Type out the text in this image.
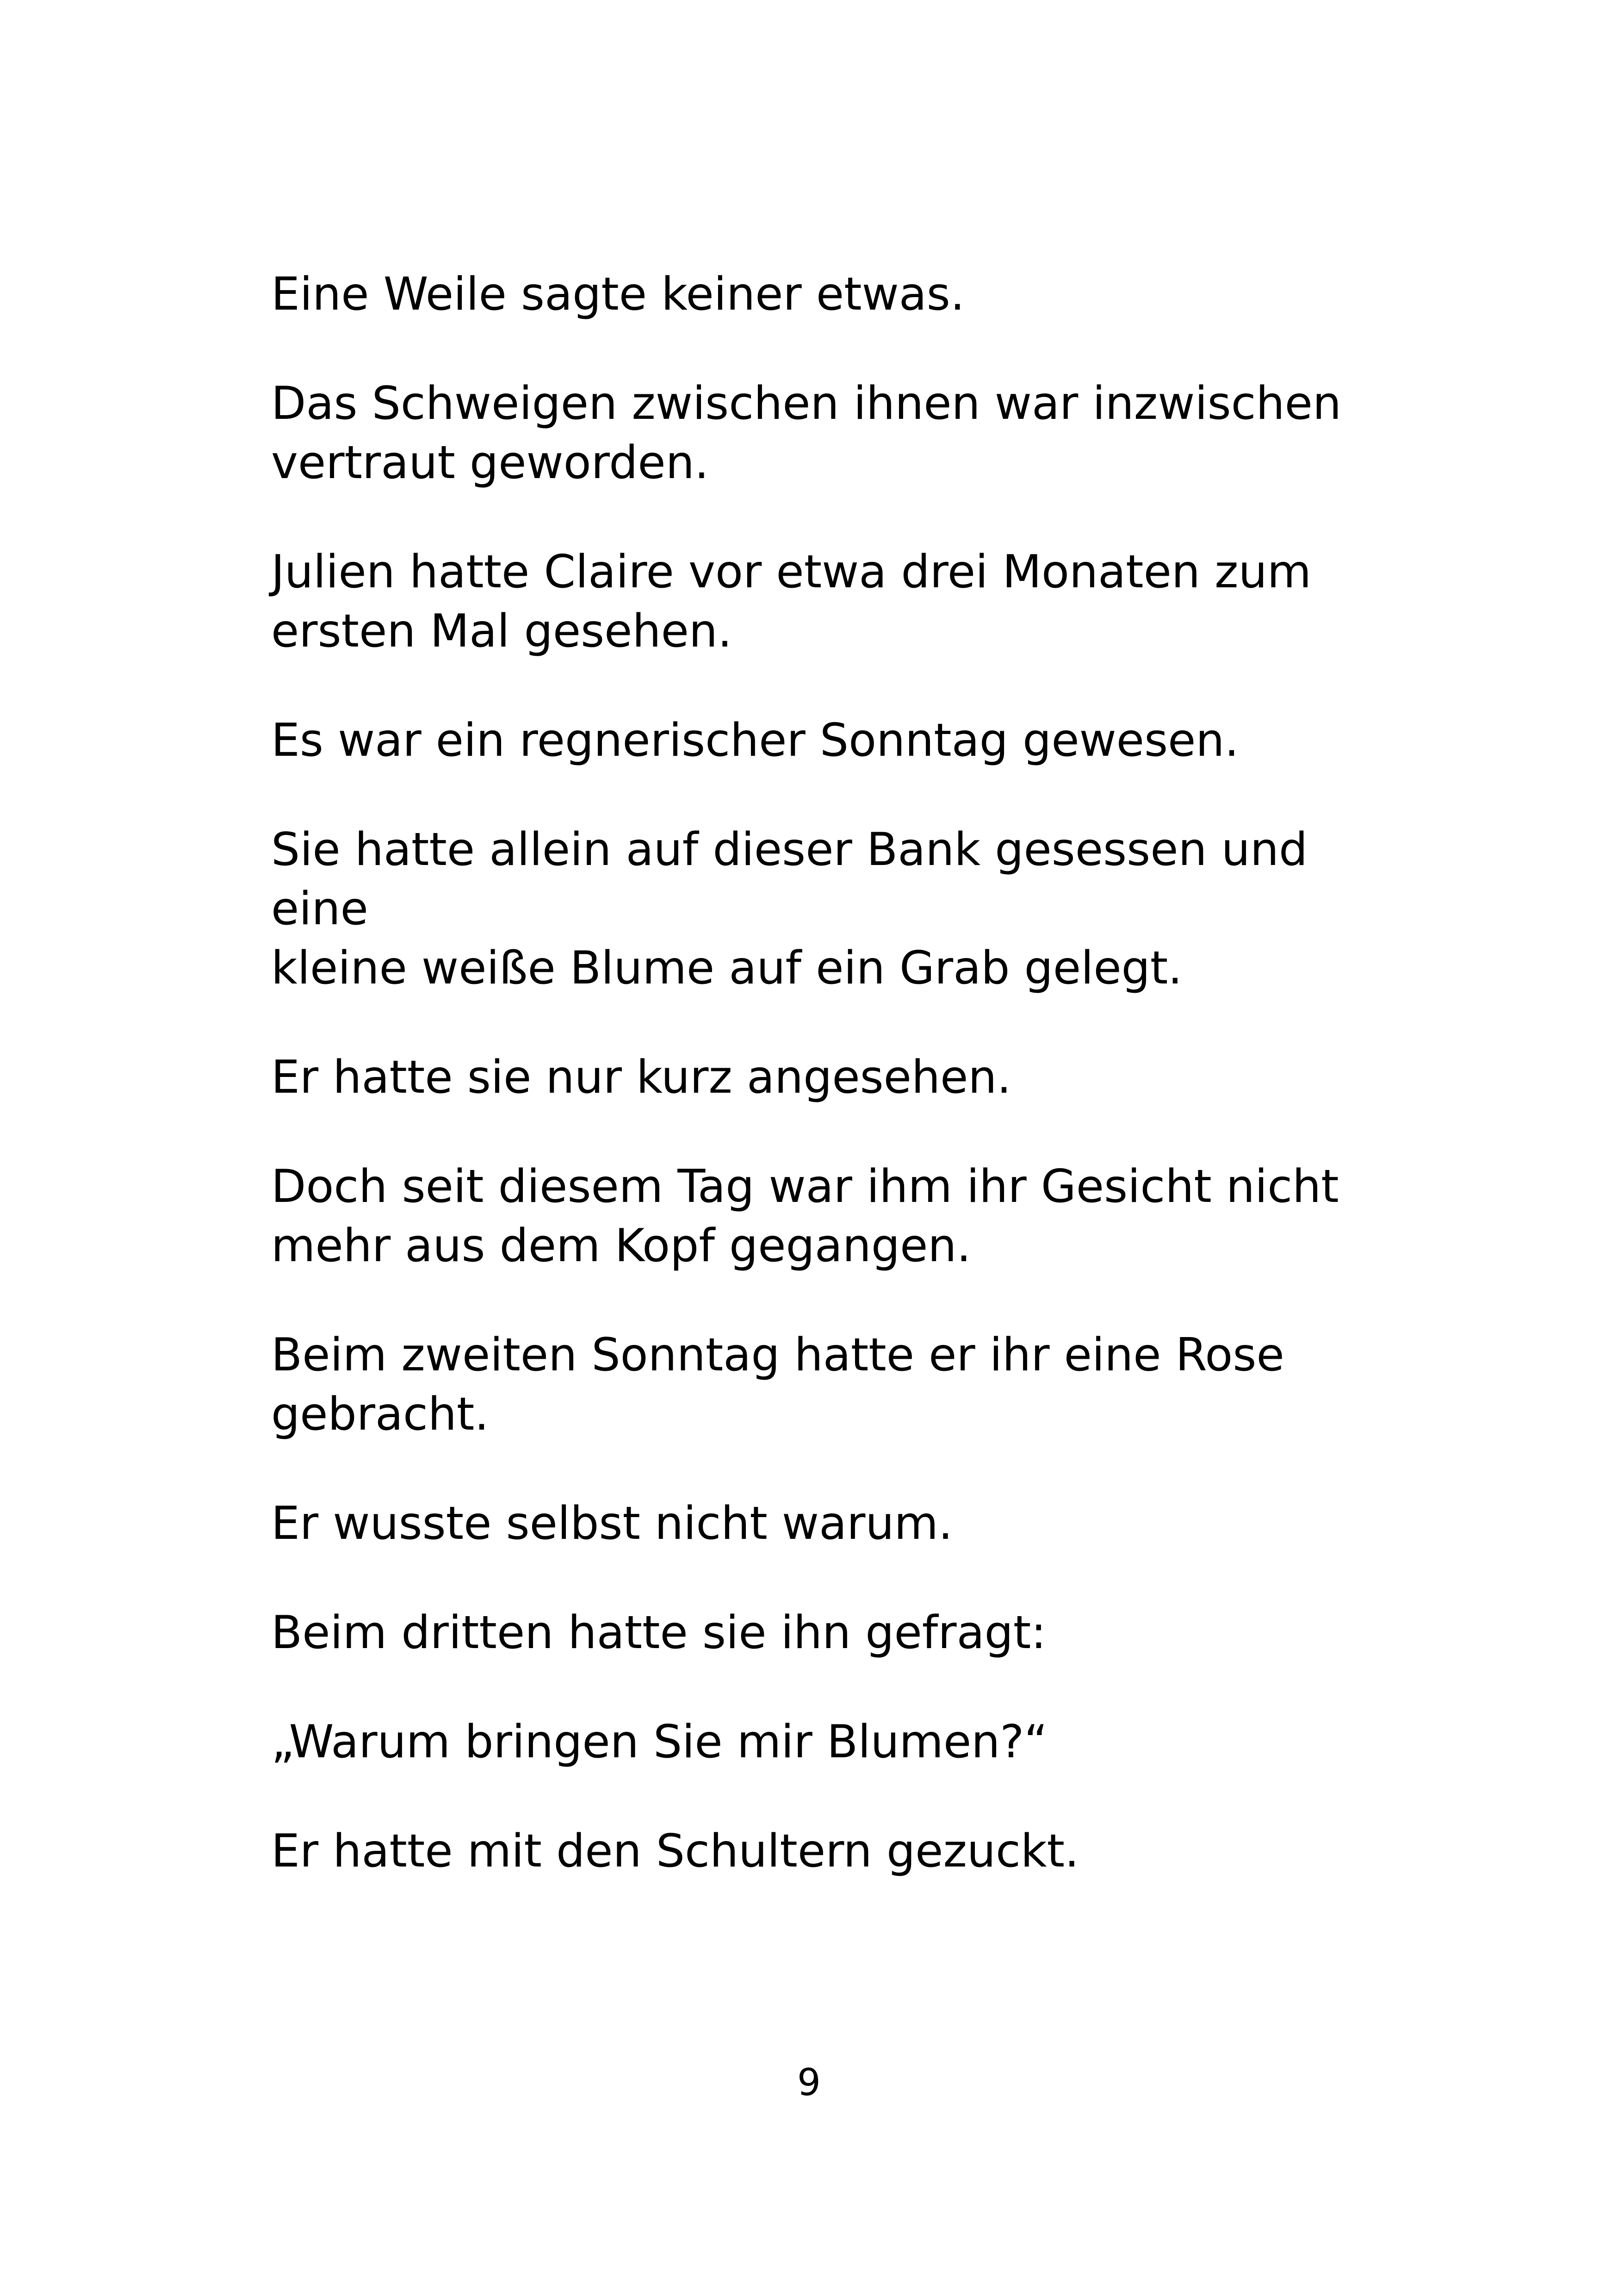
Eine Weile sagte keiner etwas.

Das Schweigen zwischen ihnen war inzwischen
vertraut geworden.

Julien hatte Claire vor etwa drei Monaten zum
ersten Mal gesehen.

Es war ein regnerischer Sonntag gewesen.

Sie hatte allein auf dieser Bank gesessen und eine
kleine weiße Blume auf ein Grab gelegt.

Er hatte sie nur kurz angesehen.

Doch seit diesem Tag war ihm ihr Gesicht nicht
mehr aus dem Kopf gegangen.

Beim zweiten Sonntag hatte er ihr eine Rose
gebracht.

Er wusste selbst nicht warum.

Beim dritten hatte sie ihn gefragt:

„Warum bringen Sie mir Blumen?“

Er hatte mit den Schultern gezuckt.

9
